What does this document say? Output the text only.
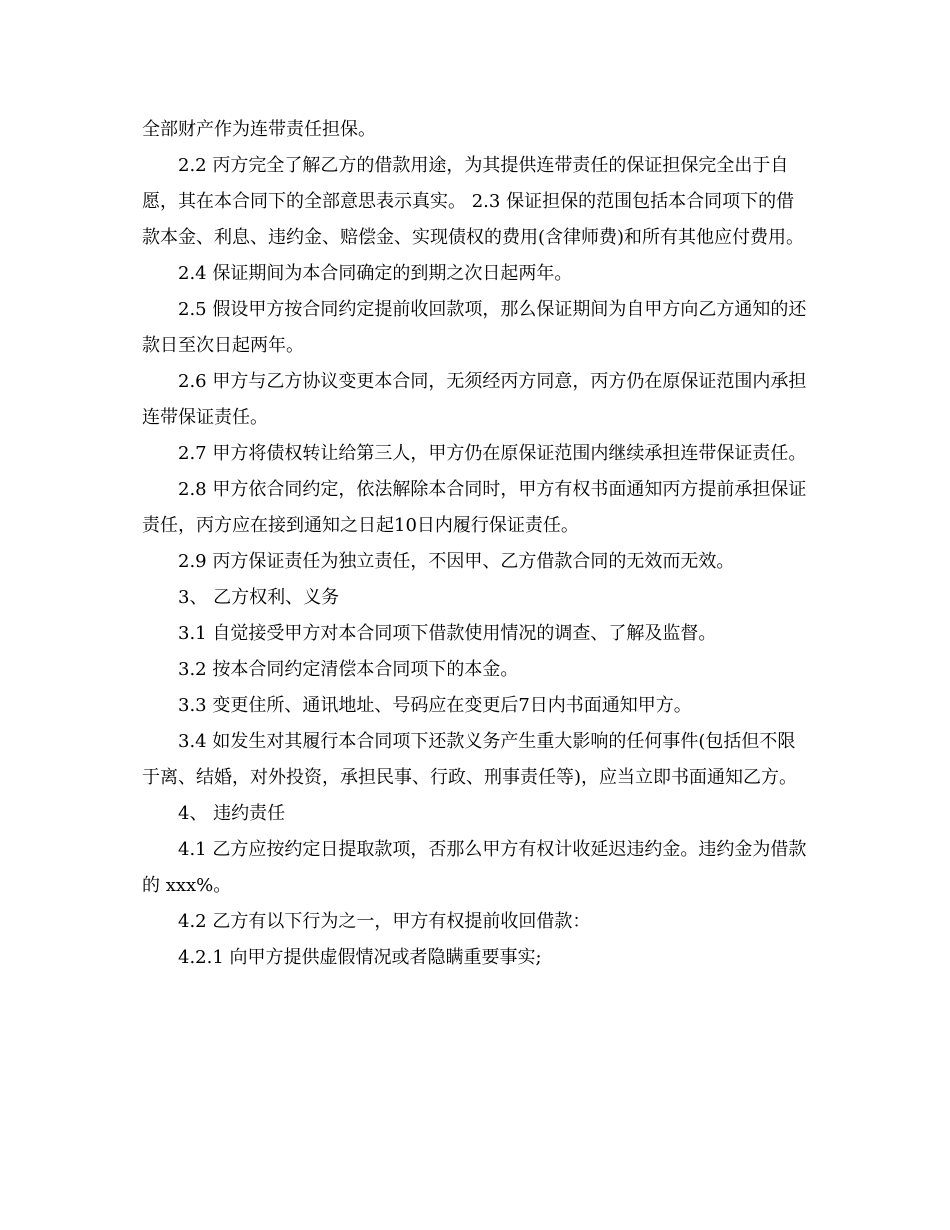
全部财产作为连带责任担保。

2.2 丙方完全了解乙方的借款用途，为其提供连带责任的保证担保完全出于自愿，其在本合同下的全部意思表示真实。 2.3 保证担保的范围包括本合同项下的借款本金、利息、违约金、赔偿金、实现债权的费用(含律师费)和所有其他应付费用。

2.4 保证期间为本合同确定的到期之次日起两年。

2.5 假设甲方按合同约定提前收回款项，那么保证期间为自甲方向乙方通知的还款日至次日起两年。

2.6 甲方与乙方协议变更本合同，无须经丙方同意，丙方仍在原保证范围内承担连带保证责任。

2.7 甲方将债权转让给第三人，甲方仍在原保证范围内继续承担连带保证责任。

2.8 甲方依合同约定，依法解除本合同时，甲方有权书面通知丙方提前承担保证责任，丙方应在接到通知之日起10日内履行保证责任。

2.9 丙方保证责任为独立责任，不因甲、乙方借款合同的无效而无效。

3、 乙方权利、义务

3.1 自觉接受甲方对本合同项下借款使用情况的调查、了解及监督。

3.2 按本合同约定清偿本合同项下的本金。

3.3 变更住所、通讯地址、号码应在变更后7日内书面通知甲方。

3.4 如发生对其履行本合同项下还款义务产生重大影响的任何事件(包括但不限于离、结婚，对外投资，承担民事、行政、刑事责任等)，应当立即书面通知乙方。

4、 违约责任

4.1 乙方应按约定日提取款项，否那么甲方有权计收延迟违约金。违约金为借款的 xxx%。

4.2 乙方有以下行为之一，甲方有权提前收回借款：

4.2.1 向甲方提供虚假情况或者隐瞒重要事实;
